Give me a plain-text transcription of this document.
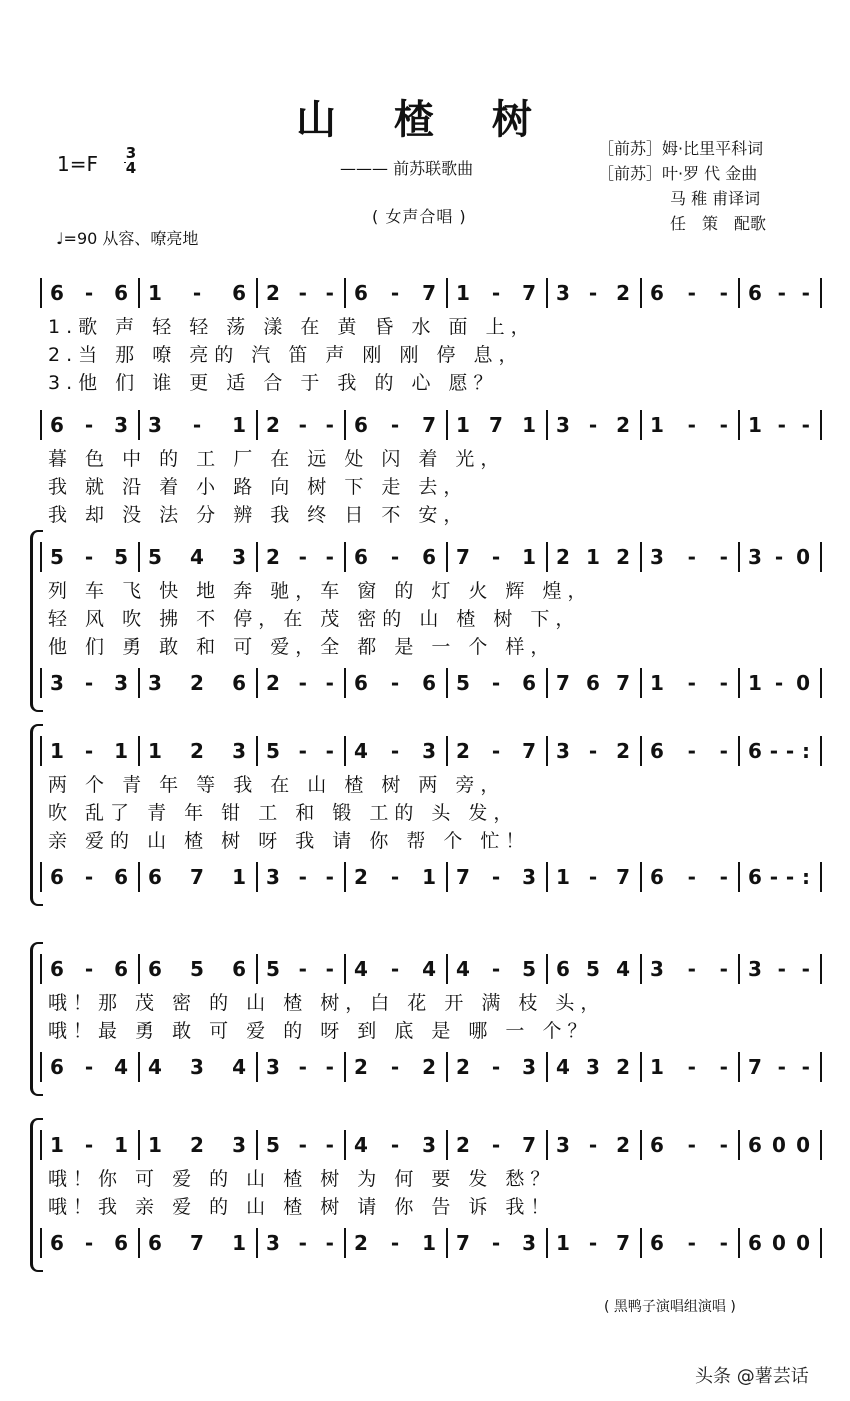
山 楂 树
1=F 3
4	——— 前苏联歌曲
［前苏］姆·比里平科词
［前苏］叶·罗 代 金曲
马 稚 甫译词
任　策　配歌
( 女声合唱 )
♩=90 从容、嘹亮地
6 - 6 1 - 6 2 - - 6 - 7 1 - 7 3 - 2 6 - - 6 - -
1.歌 声 轻 轻 荡 漾 在 黄 昏 水 面 上，
2.当 那 嘹 亮的 汽 笛 声 刚 刚 停 息，
3.他 们 谁 更 适 合 于 我 的 心 愿？
6 - 3 3 - 1 2 - - 6 - 7 1 7 1 3 - 2 1 - - 1 - -
暮 色 中 的 工 厂 在 远 处 闪 着 光，
我 就 沿 着 小 路 向 树 下 走 去，
我 却 没 法 分 辨 我 终 日 不 安，
5 - 5 5 4 3 2 - - 6 - 6 7 - 1 2 1 2 3 - - 3 - 0
列 车 飞 快 地 奔 驰，车 窗 的 灯 火 辉 煌，
轻 风 吹 拂 不 停，在 茂 密的 山 楂 树 下，
他 们 勇 敢 和 可 爱，全 都 是 一 个 样，
3 - 3 3 2 6 2 - - 6 - 6 5 - 6 7 6 7 1 - - 1 - 0
1 - 1 1 2 3 5 - - 4 - 3 2 - 7 3 - 2 6 - - 6 - - :
两 个 青 年 等 我 在 山 楂 树 两 旁，
吹 乱了 青 年 钳 工 和 锻 工的 头 发，
亲 爱的 山 楂 树 呀 我 请 你 帮 个 忙！
6 - 6 6 7 1 3 - - 2 - 1 7 - 3 1 - 7 6 - - 6 - - :
6 - 6 6 5 6 5 - - 4 - 4 4 - 5 6 5 4 3 - - 3 - -
哦！那 茂 密 的 山 楂 树，白 花 开 满 枝 头，
哦！最 勇 敢 可 爱 的 呀 到 底 是 哪 一 个？
6 - 4 4 3 4 3 - - 2 - 2 2 - 3 4 3 2 1 - - 7 - -
1 - 1 1 2 3 5 - - 4 - 3 2 - 7 3 - 2 6 - - 6 0 0
哦！你 可 爱 的 山 楂 树 为 何 要 发 愁？
哦！我 亲 爱 的 山 楂 树 请 你 告 诉 我！
6 - 6 6 7 1 3 - - 2 - 1 7 - 3 1 - 7 6 - - 6 0 0
( 黑鸭子演唱组演唱 )
头条 @薯芸话
